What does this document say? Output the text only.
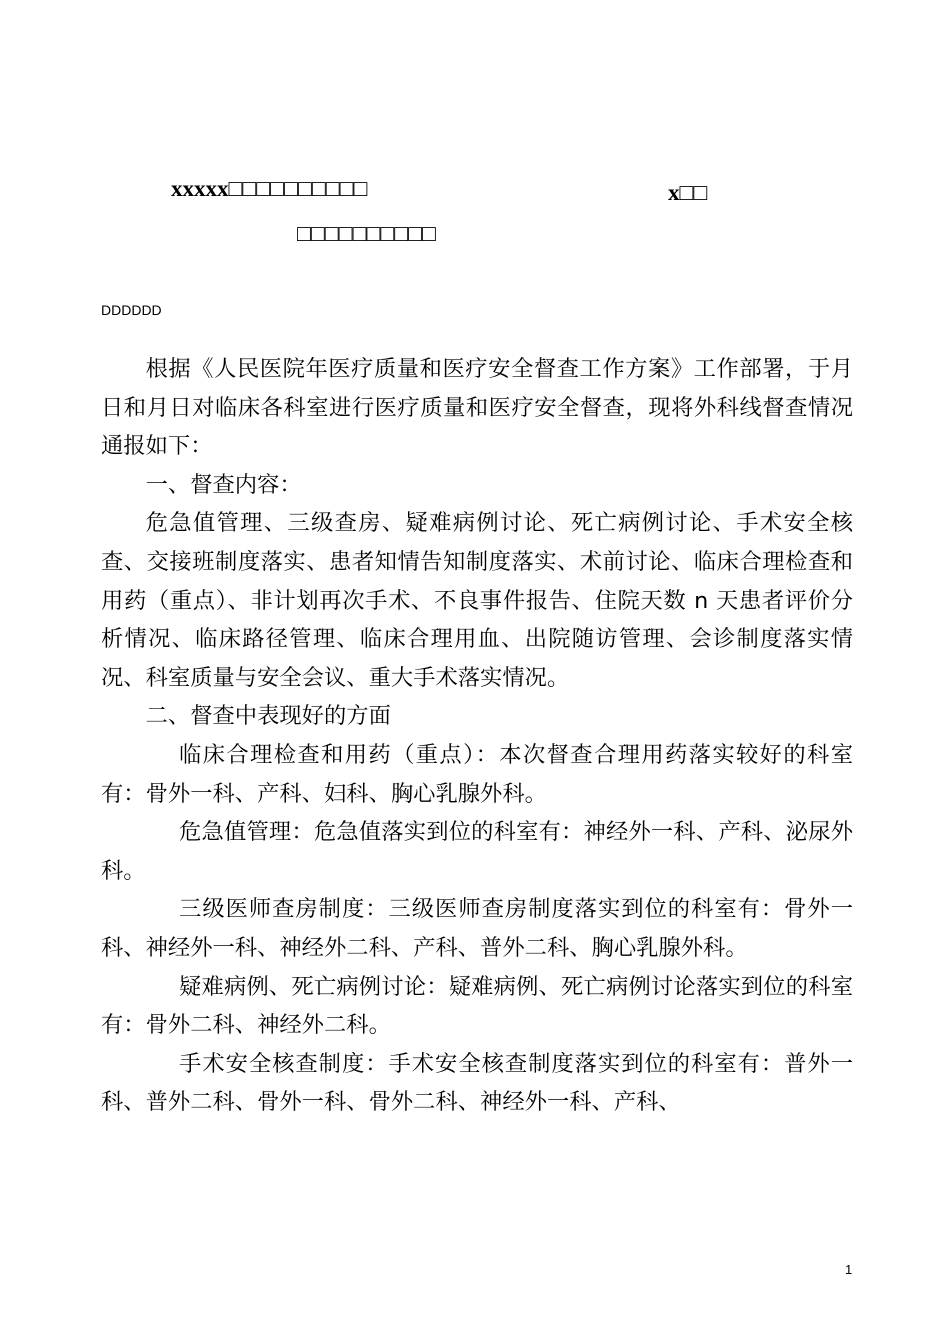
xxxxx□□□□□□□□□□	x□□
□□□□□□□□□□
DDDDDD

根据《人民医院年医疗质量和医疗安全督查工作方案》工作部署，于月日和月日对临床各科室进行医疗质量和医疗安全督查，现将外科线督查情况通报如下：

一、督查内容：

危急值管理、三级查房、疑难病例讨论、死亡病例讨论、手术安全核查、交接班制度落实、患者知情告知制度落实、术前讨论、临床合理检查和用药（重点）、非计划再次手术、不良事件报告、住院天数 n 天患者评价分析情况、临床路径管理、临床合理用血、出院随访管理、会诊制度落实情况、科室质量与安全会议、重大手术落实情况。

二、督查中表现好的方面

临床合理检查和用药（重点）：本次督查合理用药落实较好的科室有：骨外一科、产科、妇科、胸心乳腺外科。

危急值管理：危急值落实到位的科室有：神经外一科、产科、泌尿外科。

三级医师查房制度：三级医师查房制度落实到位的科室有：骨外一科、神经外一科、神经外二科、产科、普外二科、胸心乳腺外科。

疑难病例、死亡病例讨论：疑难病例、死亡病例讨论落实到位的科室有：骨外二科、神经外二科。

手术安全核查制度：手术安全核查制度落实到位的科室有：普外一科、普外二科、骨外一科、骨外二科、神经外一科、产科、

1
